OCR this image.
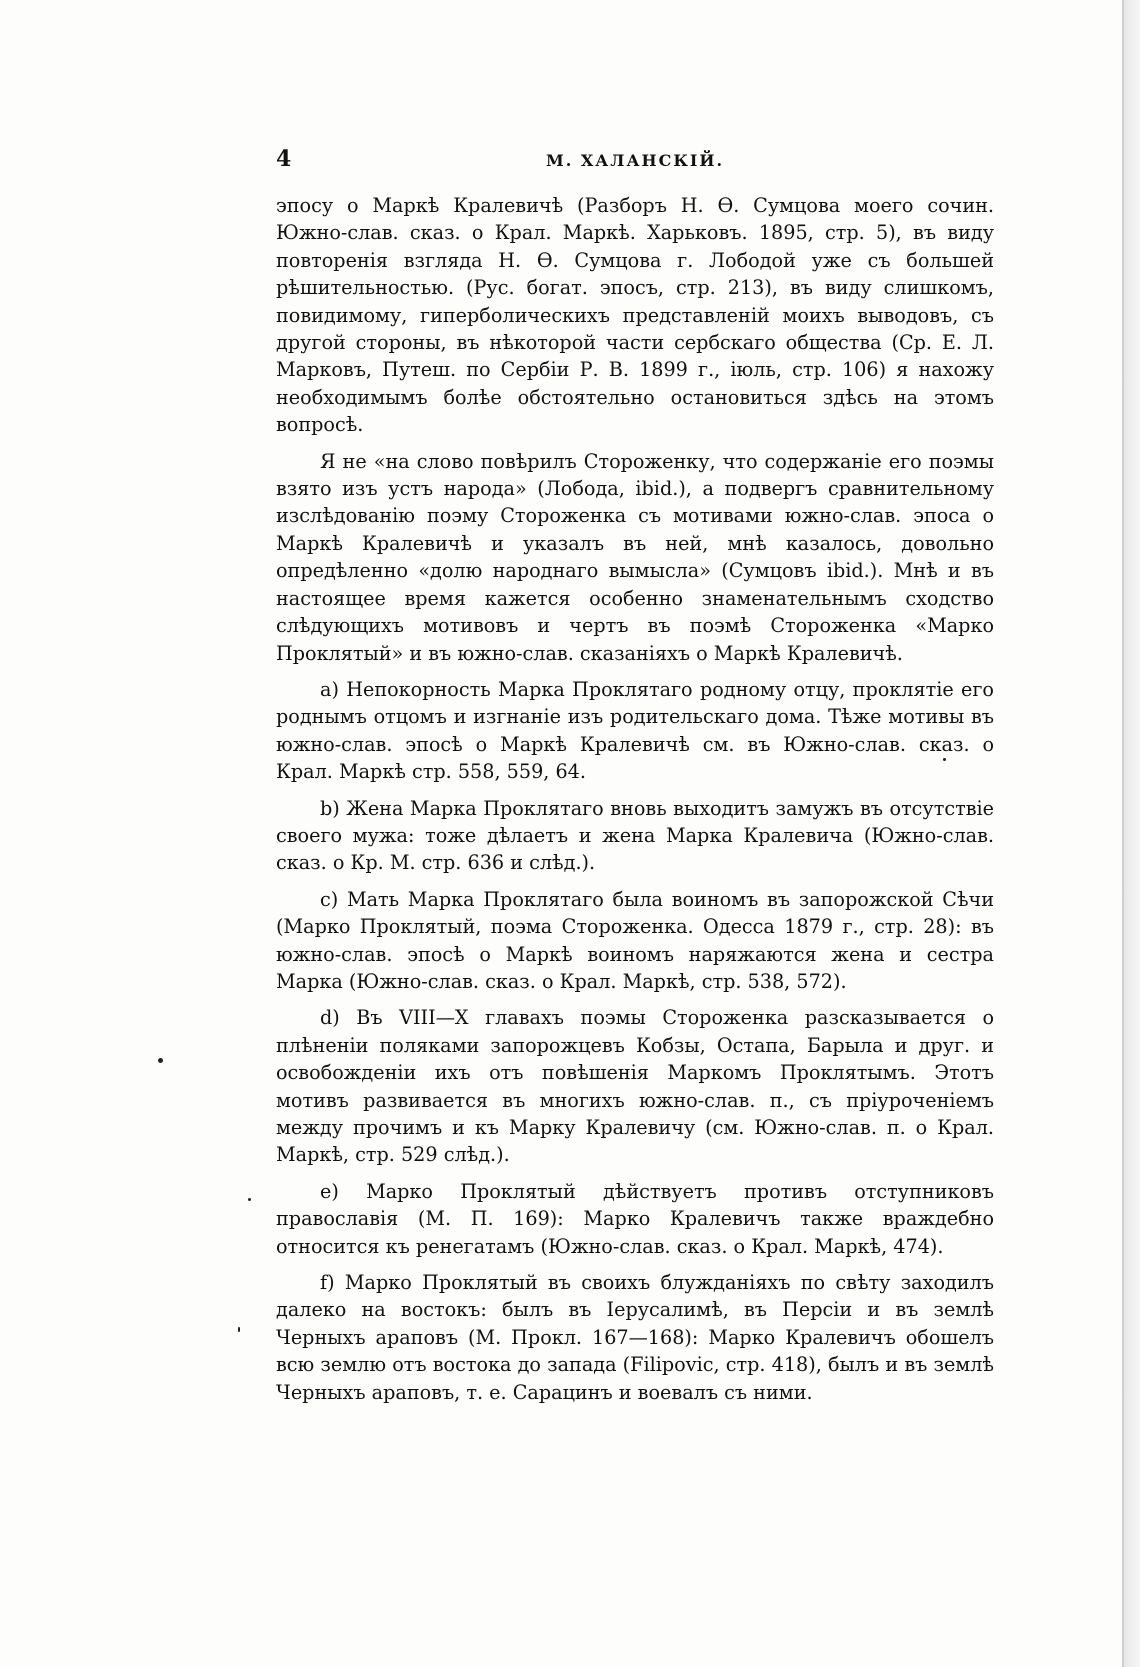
4	М. ХАЛАНСКІЙ.

эпосу о Маркѣ Кралевичѣ (Разборъ Н. Ѳ. Сумцова моего сочин. Южно-слав. сказ. о Крал. Маркѣ. Харьковъ. 1895, стр. 5), въ виду повторенія взгляда Н. Ѳ. Сумцова г. Лободой уже съ большей рѣшительностью. (Рус. богат. эпосъ, стр. 213), въ виду слишкомъ, повидимому, гиперболическихъ представленій моихъ выводовъ, съ другой стороны, въ нѣкоторой части сербскаго общества (Ср. Е. Л. Марковъ, Путеш. по Сербіи Р. В. 1899 г., іюль, стр. 106) я нахожу необходимымъ болѣе обстоятельно остановиться здѣсь на этомъ вопросѣ.

Я не «на слово повѣрилъ Стороженку, что содержаніе его поэмы взято изъ устъ народа» (Лобода, ibid.), а подвергъ сравнительному изслѣдованію поэму Стороженка съ мотивами южно-слав. эпоса о Маркѣ Кралевичѣ и указалъ въ ней, мнѣ казалось, довольно опредѣленно «долю народнаго вымысла» (Сумцовъ ibid.). Мнѣ и въ настоящее время кажется особенно знаменательнымъ сходство слѣдующихъ мотивовъ и чертъ въ поэмѣ Стороженка «Марко Проклятый» и въ южно-слав. сказаніяхъ о Маркѣ Кралевичѣ.

a) Непокорность Марка Проклятаго родному отцу, проклятіе его роднымъ отцомъ и изгнаніе изъ родительскаго дома. Тѣже мотивы въ южно-слав. эпосѣ о Маркѣ Кралевичѣ см. въ Южно-слав. сказ. о Крал. Маркѣ стр. 558, 559, 64.

b) Жена Марка Проклятаго вновь выходитъ замужъ въ отсутствіе своего мужа: тоже дѣлаетъ и жена Марка Кралевича (Южно-слав. сказ. о Кр. М. стр. 636 и слѣд.).

c) Мать Марка Проклятаго была воиномъ въ запорожской Сѣчи (Марко Проклятый, поэма Стороженка. Одесса 1879 г., стр. 28): въ южно-слав. эпосѣ о Маркѣ воиномъ наряжаются жена и сестра Марка (Южно-слав. сказ. о Крал. Маркѣ, стр. 538, 572).

d) Въ VIII—X главахъ поэмы Стороженка разсказывается о плѣненіи поляками запорожцевъ Кобзы, Остапа, Барыла и друг. и освобожденіи ихъ отъ повѣшенія Маркомъ Проклятымъ. Этотъ мотивъ развивается въ многихъ южно-слав. п., съ пріуроченіемъ между прочимъ и къ Марку Кралевичу (см. Южно-слав. п. о Крал. Маркѣ, стр. 529 слѣд.).

e) Марко Проклятый дѣйствуетъ противъ отступниковъ православія (М. П. 169): Марко Кралевичъ также враждебно относится къ ренегатамъ (Южно-слав. сказ. о Крал. Маркѣ, 474).

f) Марко Проклятый въ своихъ блужданіяхъ по свѣту заходилъ далеко на востокъ: былъ въ Іерусалимѣ, въ Персіи и въ землѣ Черныхъ араповъ (М. Прокл. 167—168): Марко Кралевичъ обошелъ всю землю отъ востока до запада (Filipovic, стр. 418), былъ и въ землѣ Черныхъ араповъ, т. е. Сарацинъ и воевалъ съ ними.
